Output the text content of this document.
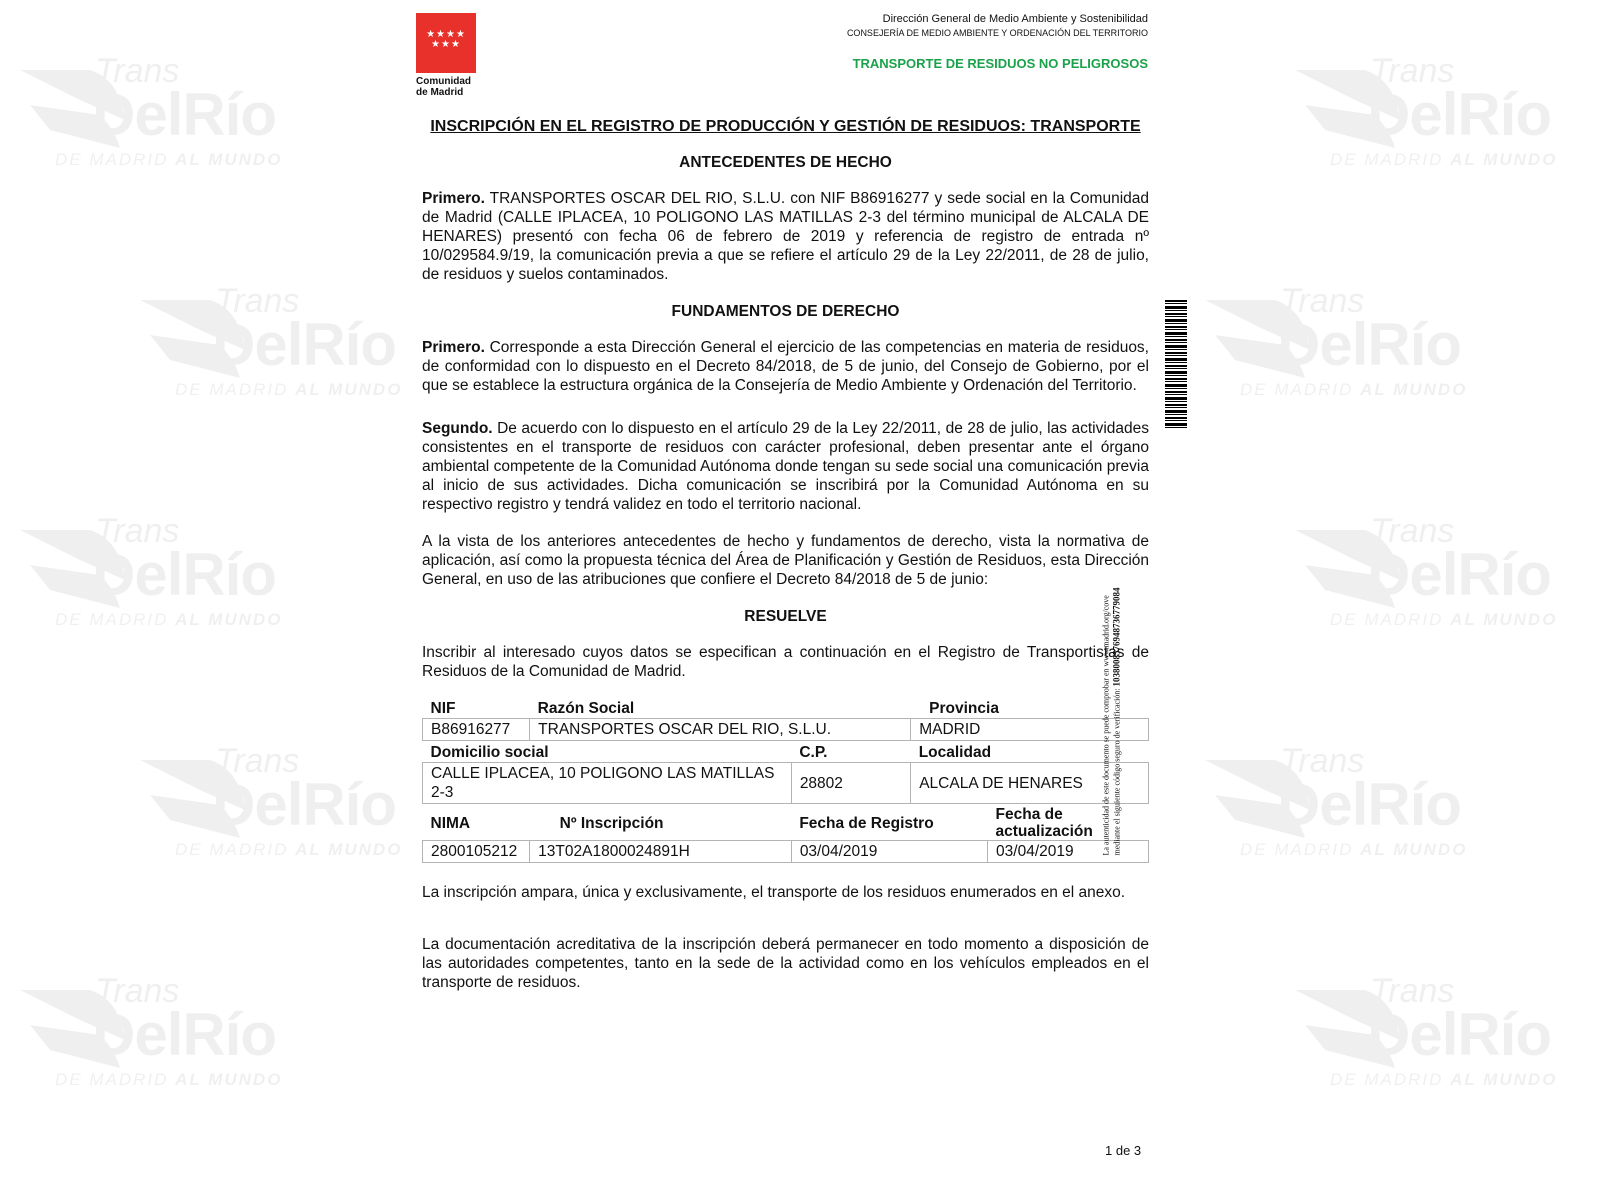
Trans
DelRío
DE MADRID AL MUNDO
Trans
DelRío
DE MADRID AL MUNDO
Trans
DelRío
DE MADRID AL MUNDO
Trans
DelRío
DE MADRID AL MUNDO
Trans
DelRío
DE MADRID AL MUNDO
Trans
DelRío
DE MADRID AL MUNDO
Trans
DelRío
DE MADRID AL MUNDO
Trans
DelRío
DE MADRID AL MUNDO
Trans
DelRío
DE MADRID AL MUNDO
Trans
DelRío
DE MADRID AL MUNDO
★★★★
★★★
Comunidad
de Madrid
Dirección General de Medio Ambiente y Sostenibilidad
CONSEJERÍA DE MEDIO AMBIENTE Y ORDENACIÓN DEL TERRITORIO
TRANSPORTE DE RESIDUOS NO PELIGROSOS
INSCRIPCIÓN EN EL REGISTRO DE PRODUCCIÓN Y GESTIÓN DE RESIDUOS: TRANSPORTE
ANTECEDENTES DE HECHO
Primero. TRANSPORTES OSCAR DEL RIO, S.L.U. con NIF B86916277 y sede social en la Comunidad de Madrid (CALLE IPLACEA, 10 POLIGONO LAS MATILLAS 2-3 del término municipal de ALCALA DE HENARES) presentó con fecha 06 de febrero de 2019 y referencia de registro de entrada nº 10/029584.9/19, la comunicación previa a que se refiere el artículo 29 de la Ley 22/2011, de 28 de julio, de residuos y suelos contaminados.
FUNDAMENTOS DE DERECHO
Primero. Corresponde a esta Dirección General el ejercicio de las competencias en materia de residuos, de conformidad con lo dispuesto en el Decreto 84/2018, de 5 de junio, del Consejo de Gobierno, por el que se establece la estructura orgánica de la Consejería de Medio Ambiente y Ordenación del Territorio.
Segundo. De acuerdo con lo dispuesto en el artículo 29 de la Ley 22/2011, de 28 de julio, las actividades consistentes en el transporte de residuos con carácter profesional, deben presentar ante el órgano ambiental competente de la Comunidad Autónoma donde tengan su sede social una comunicación previa al inicio de sus actividades. Dicha comunicación se inscribirá por la Comunidad Autónoma en su respectivo registro y tendrá validez en todo el territorio nacional.
A la vista de los anteriores antecedentes de hecho y fundamentos de derecho, vista la normativa de aplicación, así como la propuesta técnica del Área de Planificación y Gestión de Residuos, esta Dirección General, en uso de las atribuciones que confiere el Decreto 84/2018 de 5 de junio:
RESUELVE
Inscribir al interesado cuyos datos se especifican a continuación en el Registro de Transportistas de Residuos de la Comunidad de Madrid.
NIF	Razón Social		Provincia		
B86916277	TRANSPORTES OSCAR DEL RIO, S.L.U.			MADRID	
Domicilio social		C.P.		Localidad	
CALLE IPLACEA, 10 POLIGONO LAS MATILLAS 2-3		28802		ALCALA DE HENARES	
NIMA	Nº Inscripción	Fecha de Registro			Fecha de actualización
2800105212	13T02A1800024891H	03/04/2019			03/04/2019
La inscripción ampara, única y exclusivamente, el transporte de los residuos enumerados en el anexo.
La documentación acreditativa de la inscripción deberá permanecer en todo momento a disposición de las autoridades competentes, tanto en la sede de la actividad como en los vehículos empleados en el transporte de residuos.
La autenticidad de este documento se puede comprobar en www.madrid.org/cove mediante el siguiente código seguro de verificación: 1038008576948736779084
1 de 3
